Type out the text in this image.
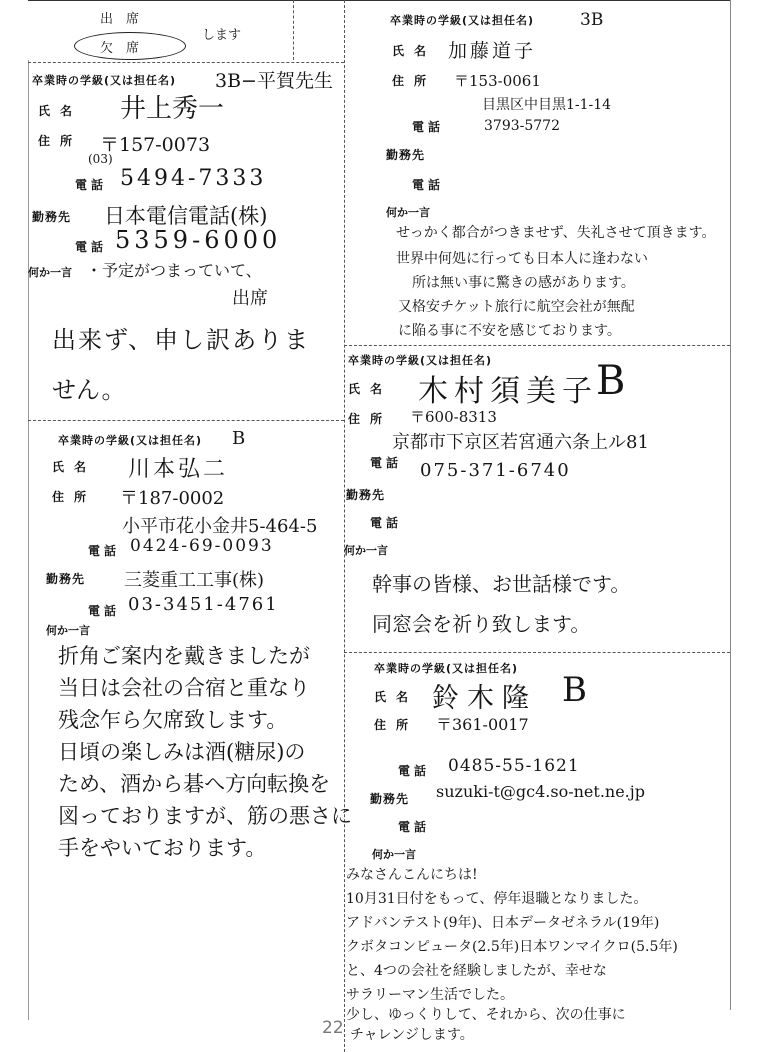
出　席
欠　席
します
卒業時の学級(又は担任名) 3B−平賀先生
氏名 井上秀一
住所 〒157-0073
(03)
電話 5494-7333
勤務先 日本電信電話(株)
電話 5359-6000
何か一言 ・予定がつまっていて、
出席
出来ず、申し訳ありま
せん。
卒業時の学級(又は担任名) B
氏名 川本弘二
住所 〒187-0002
小平市花小金井5-464-5
電話 0424-69-0093
勤務先 三菱重工工事(株)
電話 03-3451-4761
何か一言
折角ご案内を戴きましたが
当日は会社の合宿と重なり
残念乍ら欠席致します。
日頃の楽しみは酒(糖尿)の
ため、酒から碁へ方向転換を
図っておりますが、筋の悪さに
手をやいております。
卒業時の学級(又は担任名)	3B
氏名 加藤道子
住所 〒153-0061
目黒区中目黒1-1-14
電話	3793-5772
勤務先
電話
何か一言
せっかく都合がつきませず、失礼させて頂きます。
世界中何処に行っても日本人に逢わない
所は無い事に驚きの感があります。
又格安チケット旅行に航空会社が無配
に陥る事に不安を感じております。
卒業時の学級(又は担任名)
氏名 木村須美子
B
住所 〒600-8313
京都市下京区若宮通六条上ル81
電話 075-371-6740
勤務先
電話
何か一言
幹事の皆様、お世話様です。
同窓会を祈り致します。
卒業時の学級(又は担任名)
氏名 鈴木隆 B
住所 〒361-0017
電話 0485-55-1621
勤務先 suzuki-t@gc4.so-net.ne.jp
電話
何か一言
みなさんこんにちは!
10月31日付をもって、停年退職となりました。
アドバンテスト(9年)、日本データゼネラル(19年)
クボタコンピュータ(2.5年)日本ワンマイクロ(5.5年)
と、4つの会社を経験しましたが、幸せな
サラリーマン生活でした。
少し、ゆっくりして、それから、次の仕事に
チャレンジします。
22
